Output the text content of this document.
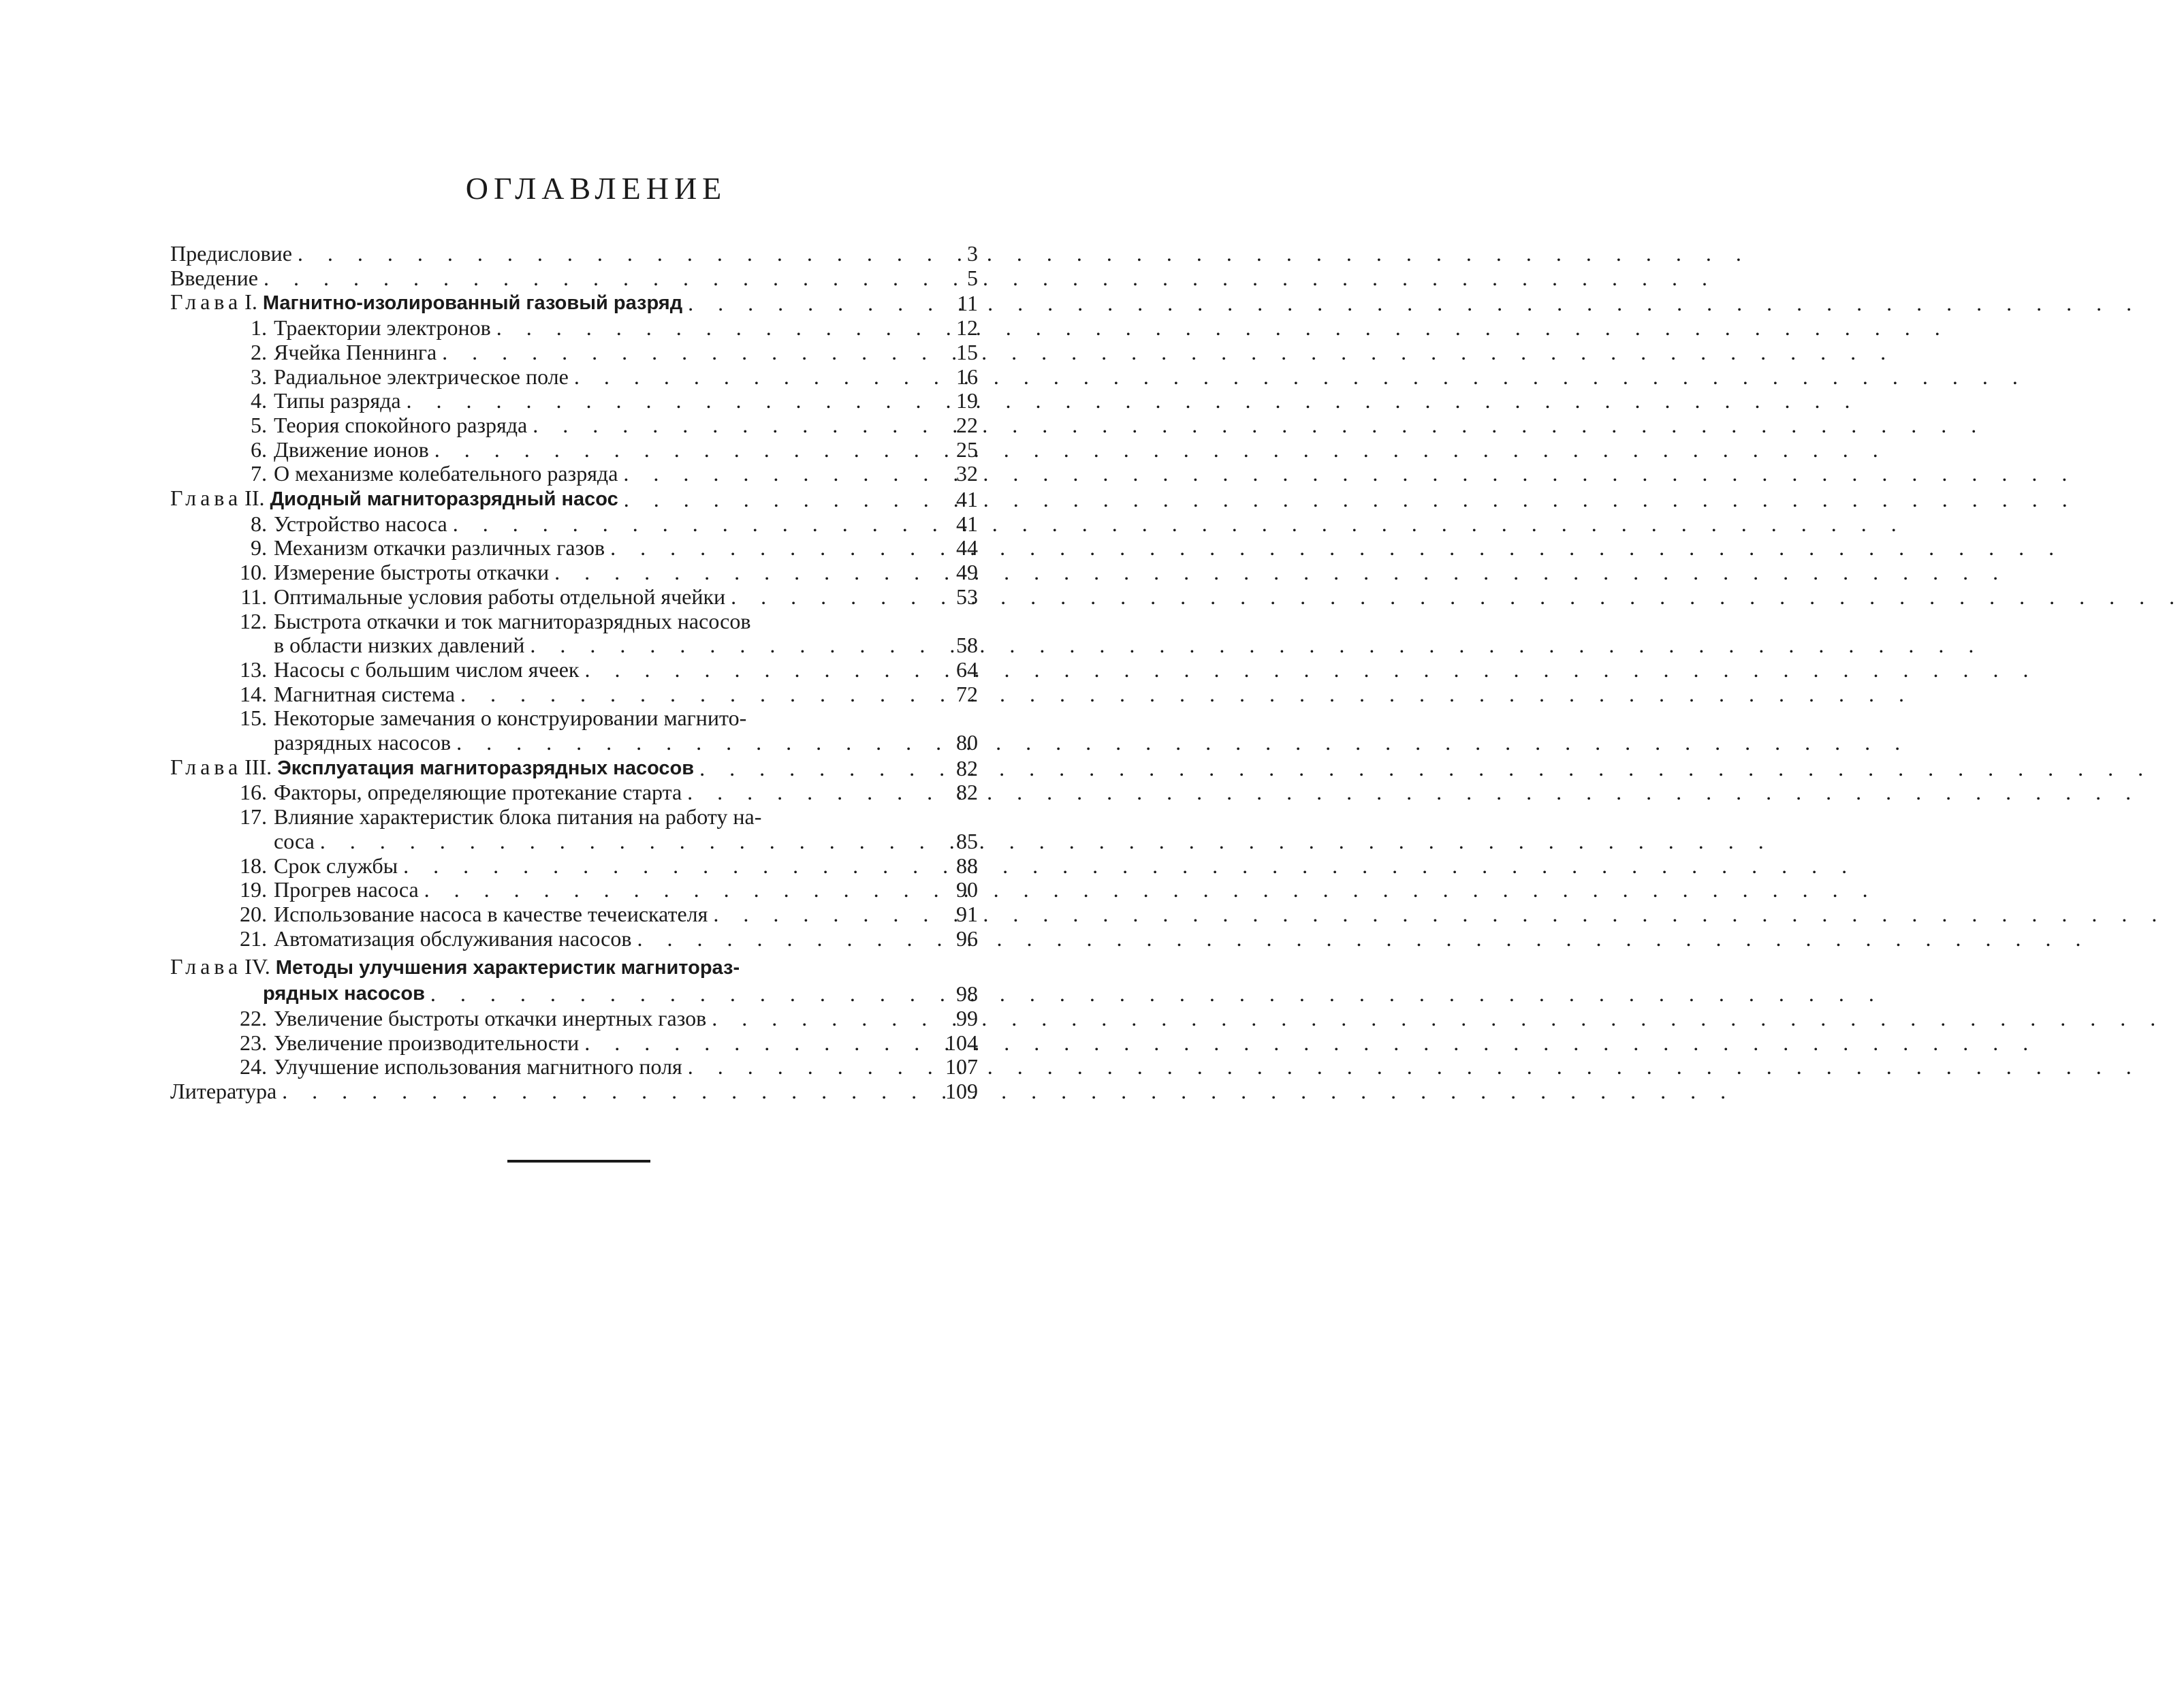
ОГЛАВЛЕНИЕ
Предисловие . . .	3
Введение . . .	5
Глава I. Магнитно-изолированный газовый разряд . . .	11
1. Траектории электронов . . .	12
2. Ячейка Пеннинга . . .	15
3. Радиальное электрическое поле . . .	16
4. Типы разряда . . .	19
5. Теория спокойного разряда . . .	22
6. Движение ионов . . .	25
7. О механизме колебательного разряда . . .	32
Глава II. Диодный магниторазрядный насос . . .	41
8. Устройство насоса . . .	41
9. Механизм откачки различных газов . . .	44
10. Измерение быстроты откачки . . .	49
11. Оптимальные условия работы отдельной ячейки . . .	53
12. Быстрота откачки и ток магниторазрядных насосов
в области низких давлений . . .	58
13. Насосы с большим числом ячеек . . .	64
14. Магнитная система . . .	72
15. Некоторые замечания о конструировании магнито-
разрядных насосов . . .	80
Глава III. Эксплуатация магниторазрядных насосов . . .	82
16. Факторы, определяющие протекание старта . . .	82
17. Влияние характеристик блока питания на работу на-
соса . . .	85
18. Срок службы . . .	88
19. Прогрев насоса . . .	90
20. Использование насоса в качестве течеискателя . . .	91
21. Автоматизация обслуживания насосов . . .	96
Глава IV. Методы улучшения характеристик магнитораз-
рядных насосов . . .	98
22. Увеличение быстроты откачки инертных газов . . .	99
23. Увеличение производительности . . .	104
24. Улучшение использования магнитного поля . . .	107
Литература . . .	109
